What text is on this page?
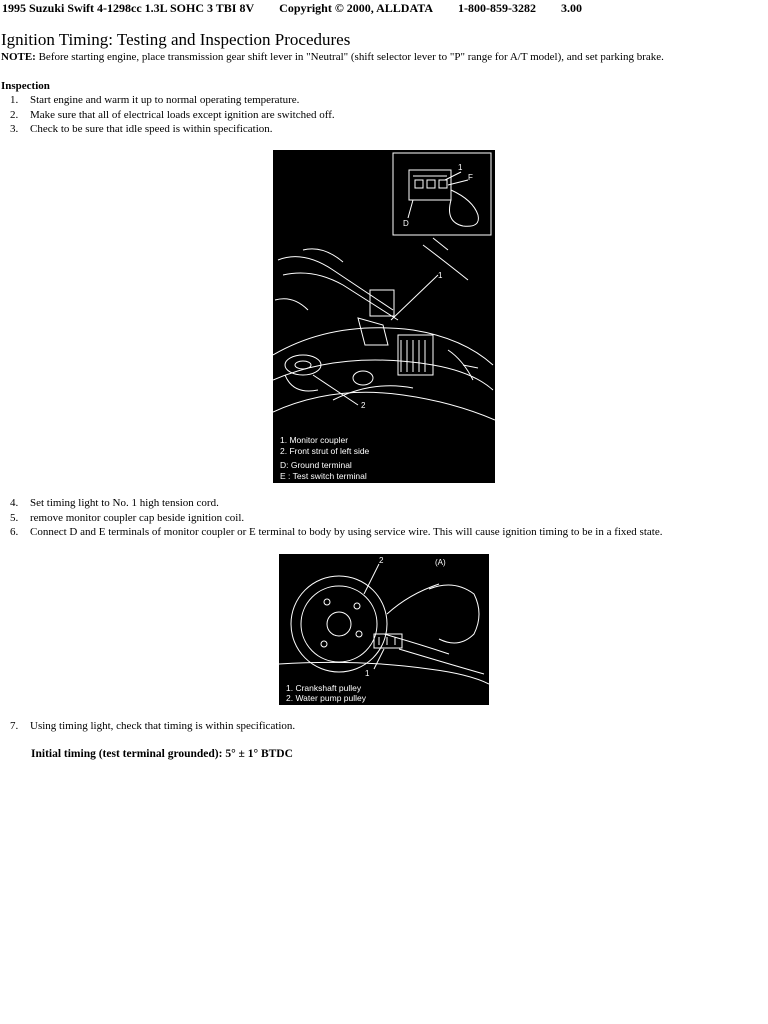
1995 Suzuki Swift 4-1298cc 1.3L SOHC 3 TBI 8V Copyright © 2000, ALLDATA 1-800-859-3282 3.00
Ignition Timing: Testing and Inspection Procedures
NOTE: Before starting engine, place transmission gear shift lever in "Neutral" (shift selector lever to "P" range for A/T model), and set parking brake.
Inspection
1. Start engine and warm it up to normal operating temperature.
2. Make sure that all of electrical loads except ignition are switched off.
3. Check to be sure that idle speed is within specification.
1
F
D
1
2
1. Monitor coupler
2. Front strut of left side
D: Ground terminal
E : Test switch terminal
4. Set timing light to No. 1 high tension cord.
5. remove monitor coupler cap beside ignition coil.
6. Connect D and E terminals of monitor coupler or E terminal to body by using service wire. This will cause ignition timing to be in a fixed state.
2	(A)
1
1. Crankshaft pulley
2. Water pump pulley
7. Using timing light, check that timing is within specification.
Initial timing (test terminal grounded): 5° ± 1° BTDC
